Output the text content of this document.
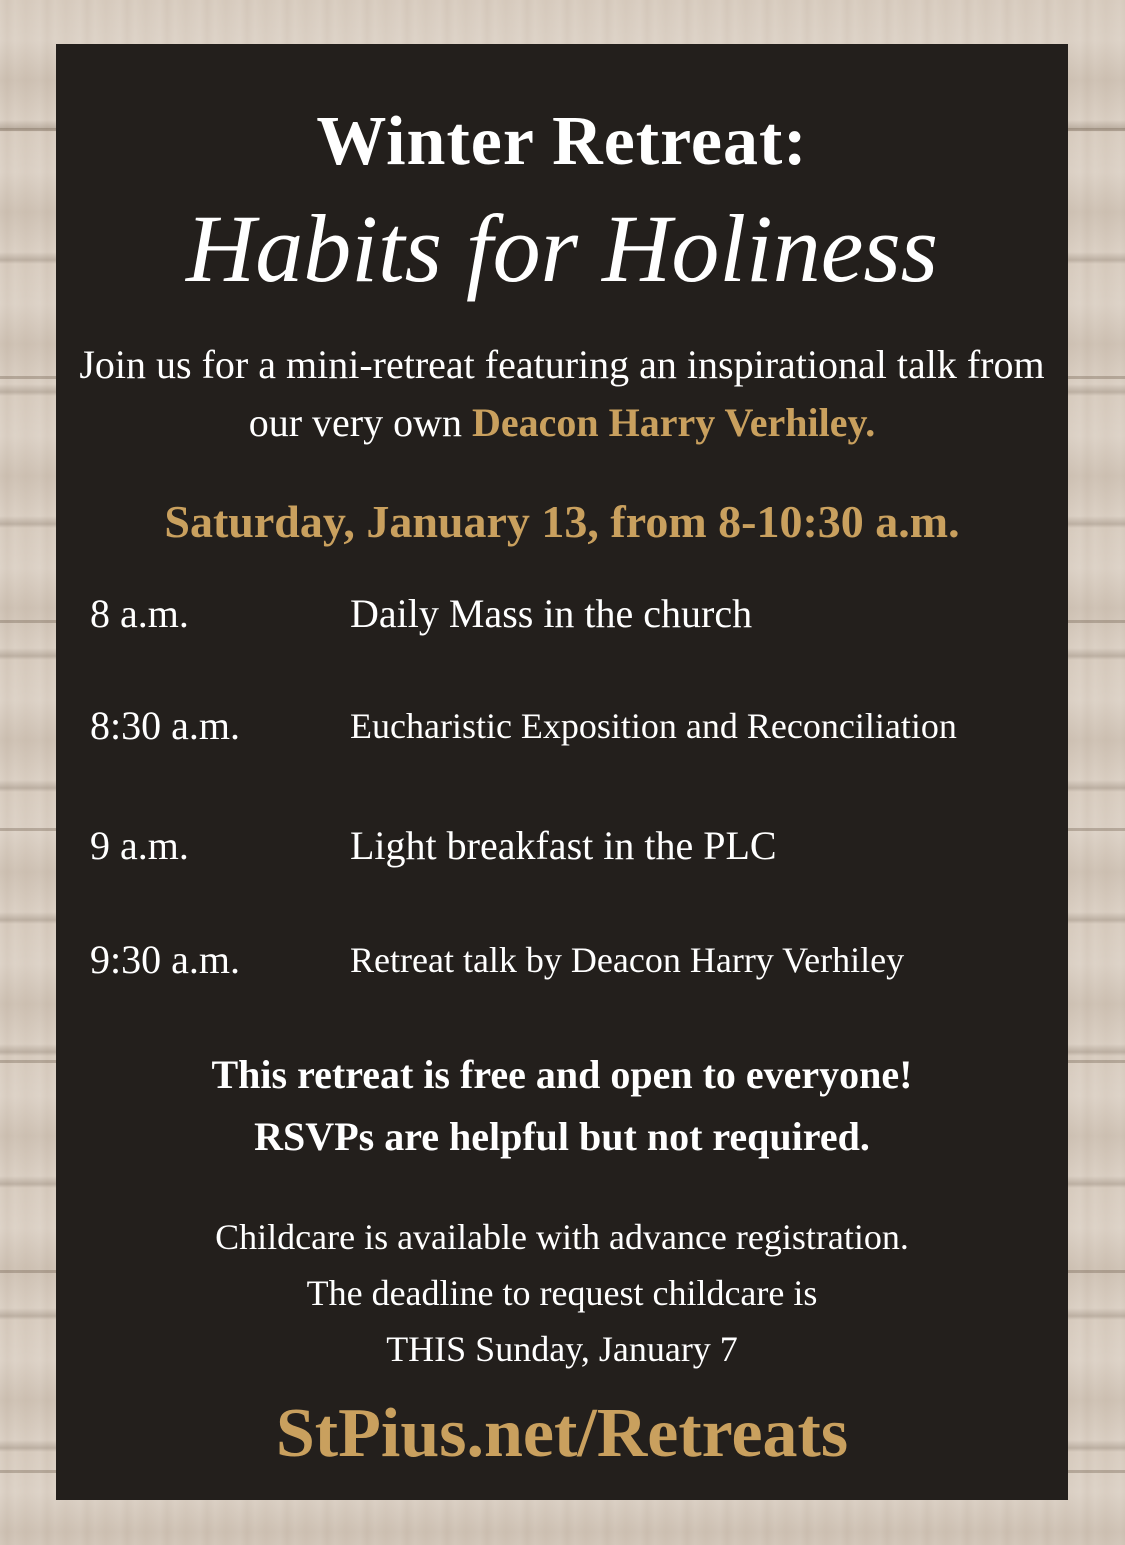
Winter Retreat:
Habits for Holiness
Join us for a mini-retreat featuring an inspirational talk from our very own Deacon Harry Verhiley.
Saturday, January 13, from 8-10:30 a.m.
8 a.m.	Daily Mass in the church
8:30 a.m.	Eucharistic Exposition and Reconciliation
9 a.m.	Light breakfast in the PLC
9:30 a.m.	Retreat talk by Deacon Harry Verhiley
This retreat is free and open to everyone!
RSVPs are helpful but not required.
Childcare is available with advance registration.
The deadline to request childcare is
THIS Sunday, January 7
StPius.net/Retreats
